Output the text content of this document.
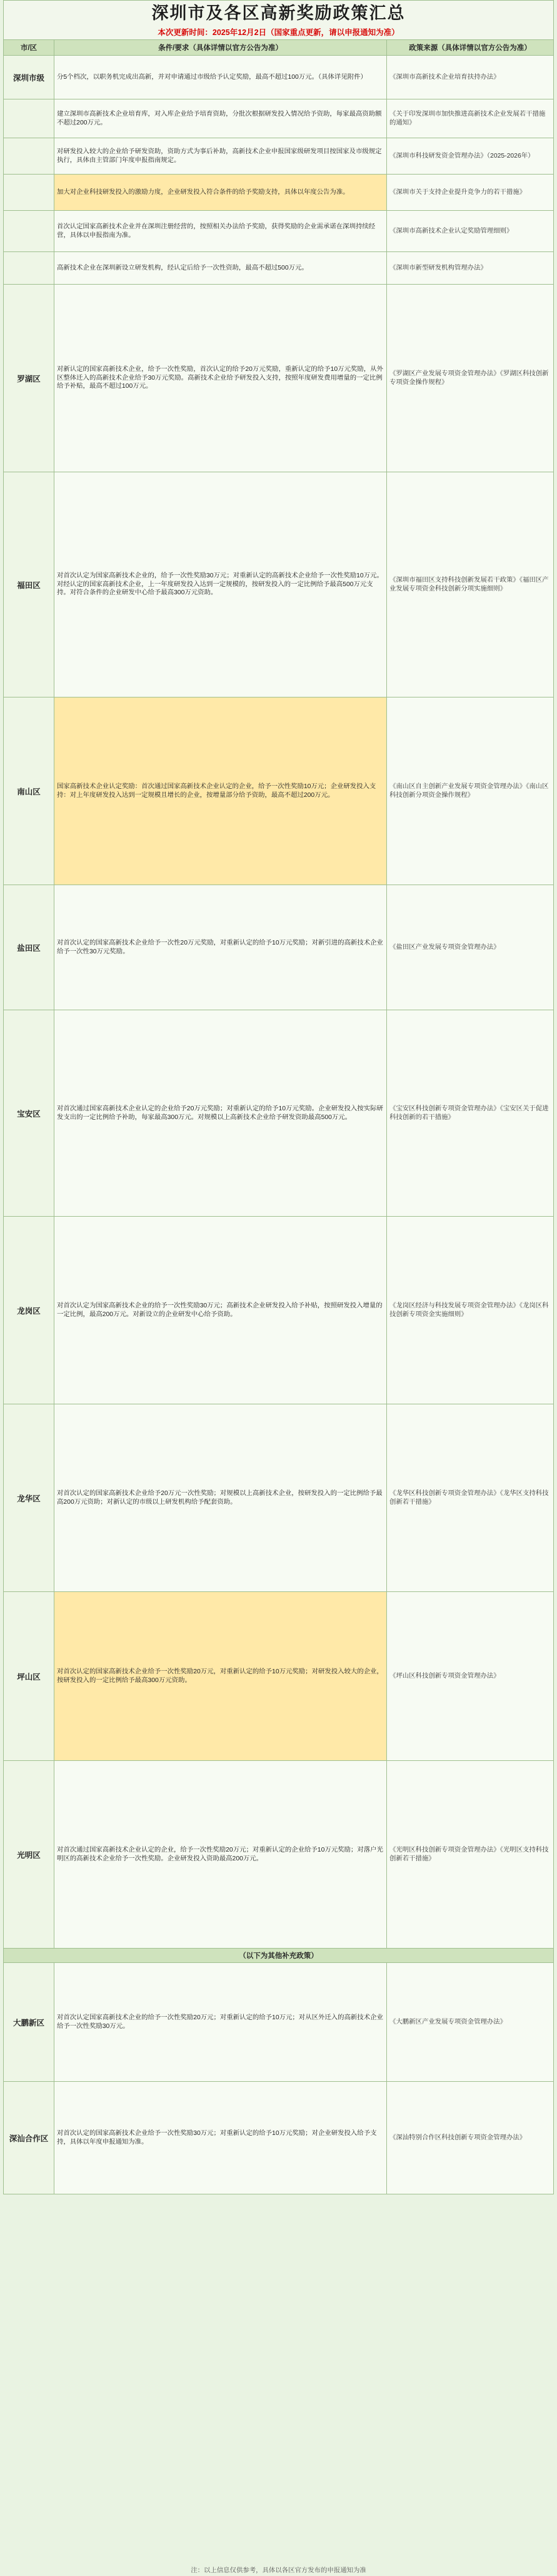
深圳市及各区高新奖励政策汇总
本次更新时间：2025年12月2日（国家重点更新，请以申报通知为准）
市/区	条件/要求（具体详情以官方公告为准）	政策来源（具体详情以官方公告为准）
深圳市级	分5个档次，以职务机完成出高新，并对申请通过市级给予认定奖励，最高不超过100万元。（具体详见附件）	《深圳市高新技术企业培育扶持办法》
	建立深圳市高新技术企业培育库，对入库企业给予培育资助，分批次根据研发投入情况给予资助，每家最高资助额不超过200万元。	《关于印发深圳市加快推进高新技术企业发展若干措施的通知》
	对研发投入较大的企业给予研发资助，资助方式为事后补助，高新技术企业申报国家级研发项目按国家及市级规定执行，具体由主管部门年度申报指南规定。	《深圳市科技研发资金管理办法》（2025-2026年）
	加大对企业科技研发投入的激励力度，企业研发投入符合条件的给予奖励支持，具体以年度公告为准。	《深圳市关于支持企业提升竞争力的若干措施》
	首次认定国家高新技术企业并在深圳注册经营的，按照相关办法给予奖励，获得奖励的企业需承诺在深圳持续经营，具体以申报指南为准。	《深圳市高新技术企业认定奖励管理细则》
	高新技术企业在深圳新设立研发机构，经认定后给予一次性资助，最高不超过500万元。	《深圳市新型研发机构管理办法》
罗湖区	对新认定的国家高新技术企业，给予一次性奖励，首次认定的给予20万元奖励，重新认定的给予10万元奖励，从外区整体迁入的高新技术企业给予30万元奖励。高新技术企业给予研发投入支持，按照年度研发费用增量的一定比例给予补贴，最高不超过100万元。	《罗湖区产业发展专项资金管理办法》《罗湖区科技创新专项资金操作规程》
福田区	对首次认定为国家高新技术企业的，给予一次性奖励30万元；对重新认定的高新技术企业给予一次性奖励10万元。对经认定的国家高新技术企业，上一年度研发投入达到一定规模的，按研发投入的一定比例给予最高500万元支持。对符合条件的企业研发中心给予最高300万元资助。	《深圳市福田区支持科技创新发展若干政策》《福田区产业发展专项资金科技创新分项实施细则》
南山区	国家高新技术企业认定奖励：首次通过国家高新技术企业认定的企业，给予一次性奖励10万元；企业研发投入支持：对上年度研发投入达到一定规模且增长的企业，按增量部分给予资助，最高不超过200万元。	《南山区自主创新产业发展专项资金管理办法》《南山区科技创新分项资金操作规程》
盐田区	对首次认定的国家高新技术企业给予一次性20万元奖励，对重新认定的给予10万元奖励；对新引进的高新技术企业给予一次性30万元奖励。	《盐田区产业发展专项资金管理办法》
宝安区	对首次通过国家高新技术企业认定的企业给予20万元奖励；对重新认定的给予10万元奖励。企业研发投入按实际研发支出的一定比例给予补助，每家最高300万元。对规模以上高新技术企业给予研发资助最高500万元。	《宝安区科技创新专项资金管理办法》《宝安区关于促进科技创新的若干措施》
龙岗区	对首次认定为国家高新技术企业的给予一次性奖励30万元；高新技术企业研发投入给予补贴，按照研发投入增量的一定比例，最高200万元。对新设立的企业研发中心给予资助。	《龙岗区经济与科技发展专项资金管理办法》《龙岗区科技创新专项资金实施细则》
龙华区	对首次认定的国家高新技术企业给予20万元一次性奖励；对规模以上高新技术企业，按研发投入的一定比例给予最高200万元资助；对新认定的市级以上研发机构给予配套资助。	《龙华区科技创新专项资金管理办法》《龙华区支持科技创新若干措施》
坪山区	对首次认定的国家高新技术企业给予一次性奖励20万元，对重新认定的给予10万元奖励；对研发投入较大的企业，按研发投入的一定比例给予最高300万元资助。	《坪山区科技创新专项资金管理办法》
光明区	对首次通过国家高新技术企业认定的企业，给予一次性奖励20万元；对重新认定的企业给予10万元奖励；对落户光明区的高新技术企业给予一次性奖励。企业研发投入资助最高200万元。	《光明区科技创新专项资金管理办法》《光明区支持科技创新若干措施》
（以下为其他补充政策）		
大鹏新区	对首次认定国家高新技术企业的给予一次性奖励20万元；对重新认定的给予10万元；对从区外迁入的高新技术企业给予一次性奖励30万元。	《大鹏新区产业发展专项资金管理办法》
深汕合作区	对首次认定的国家高新技术企业给予一次性奖励30万元；对重新认定的给予10万元奖励；对企业研发投入给予支持，具体以年度申报通知为准。	《深汕特别合作区科技创新专项资金管理办法》
注：以上信息仅供参考，具体以各区官方发布的申报通知为准
